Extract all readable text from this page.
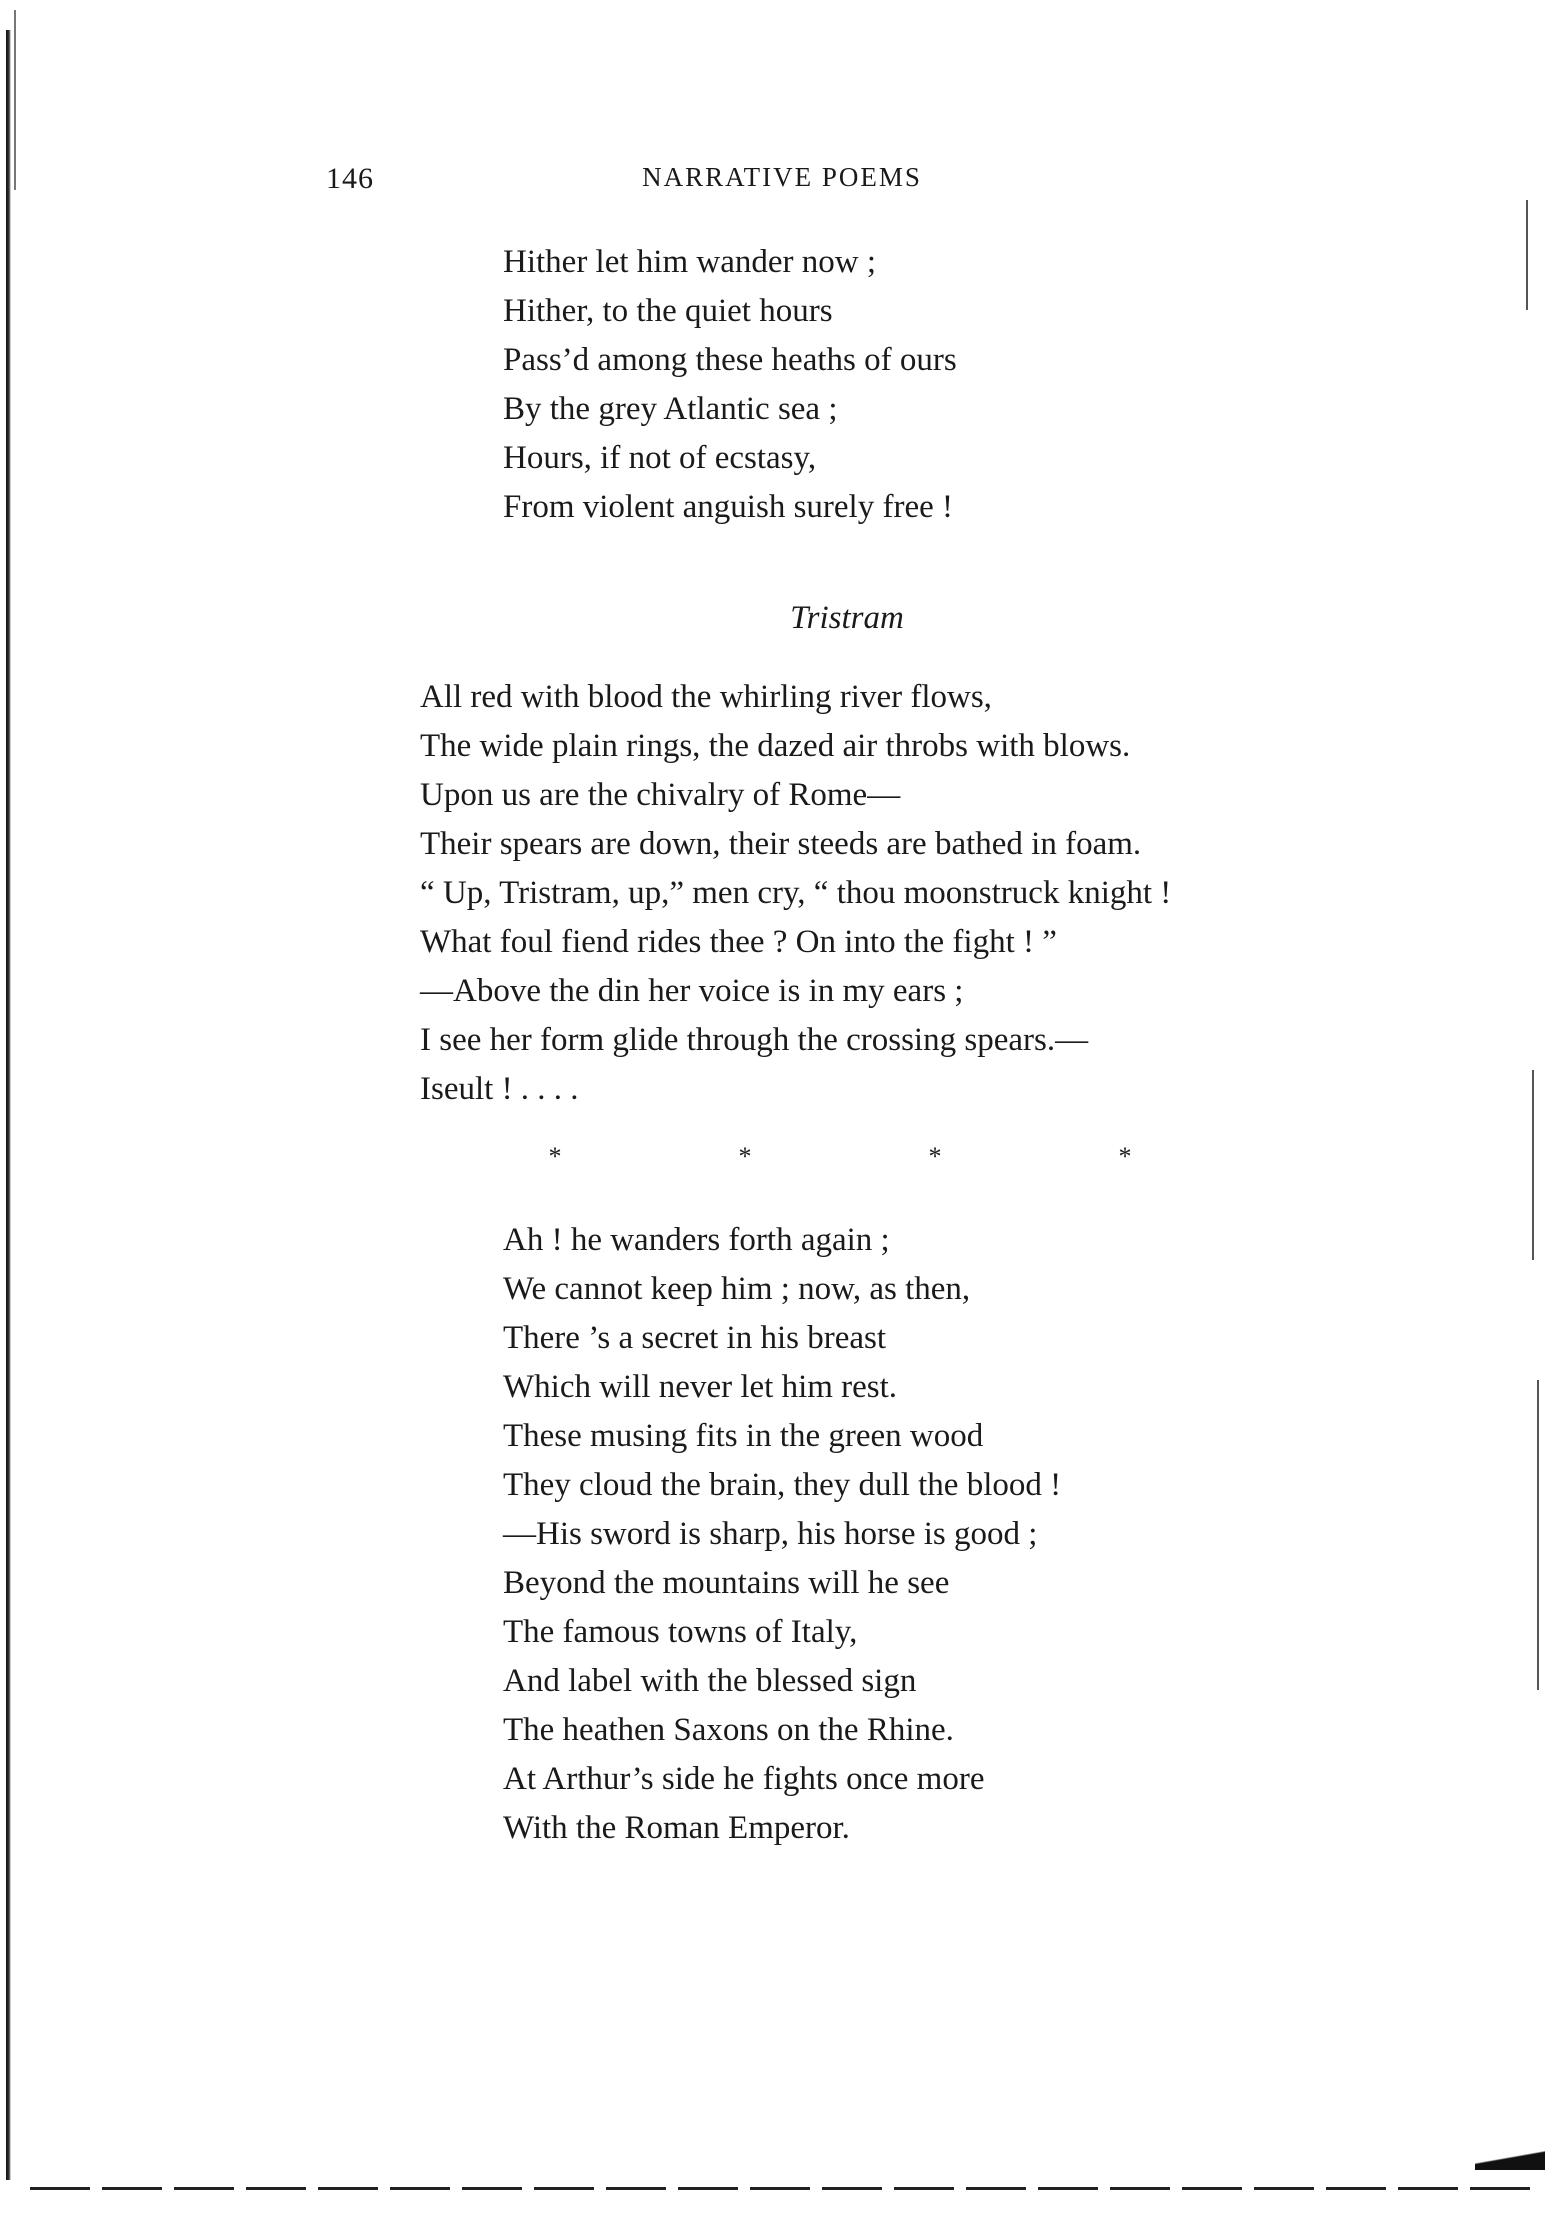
146	NARRATIVE POEMS
Hither let him wander now ;
Hither, to the quiet hours
Pass’d among these heaths of ours
By the grey Atlantic sea ;
Hours, if not of ecstasy,
From violent anguish surely free !
Tristram
All red with blood the whirling river flows,
The wide plain rings, the dazed air throbs with blows.
Upon us are the chivalry of Rome—
Their spears are down, their steeds are bathed in foam.
“ Up, Tristram, up,” men cry, “ thou moonstruck knight !
What foul fiend rides thee ? On into the fight ! ”
—Above the din her voice is in my ears ;
I see her form glide through the crossing spears.—
Iseult ! . . . .
*	*	*	*
Ah ! he wanders forth again ;
We cannot keep him ; now, as then,
There ’s a secret in his breast
Which will never let him rest.
These musing fits in the green wood
They cloud the brain, they dull the blood !
—His sword is sharp, his horse is good ;
Beyond the mountains will he see
The famous towns of Italy,
And label with the blessed sign
The heathen Saxons on the Rhine.
At Arthur’s side he fights once more
With the Roman Emperor.
